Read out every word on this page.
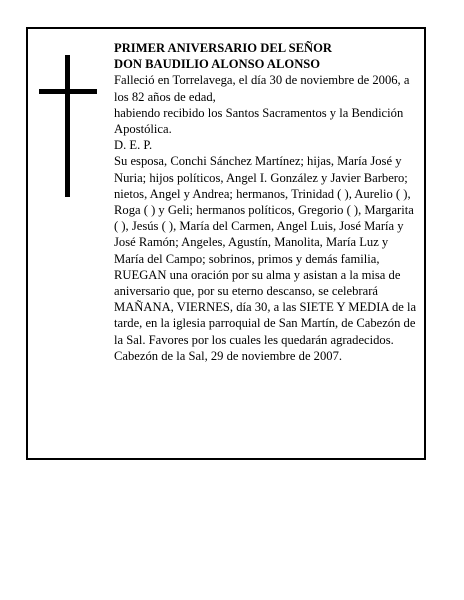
PRIMER ANIVERSARIO DEL SEÑOR

DON BAUDILIO ALONSO ALONSO

Falleció en Torrelavega, el día 30 de noviembre de 2006, a los 82 años de edad,

habiendo recibido los Santos Sacramentos y la Bendición Apostólica.

D. E. P.

Su esposa, Conchi Sánchez Martínez; hijas, María José y Nuria; hijos políticos, Angel I. González y Javier Barbero; nietos, Angel y Andrea; hermanos, Trinidad ( ), Aurelio ( ), Roga ( ) y Geli; hermanos políticos, Gregorio ( ), Margarita ( ), Jesús ( ), María del Carmen, Angel Luis, José María y José Ramón; Angeles, Agustín, Manolita, María Luz y María del Campo; sobrinos, primos y demás familia,

RUEGAN una oración por su alma y asistan a la misa de aniversario que, por su eterno descanso, se celebrará MAÑANA, VIERNES, día 30, a las SIETE Y MEDIA de la tarde, en la iglesia parroquial de San Martín, de Cabezón de la Sal. Favores por los cuales les quedarán agradecidos.

Cabezón de la Sal, 29 de noviembre de 2007.
